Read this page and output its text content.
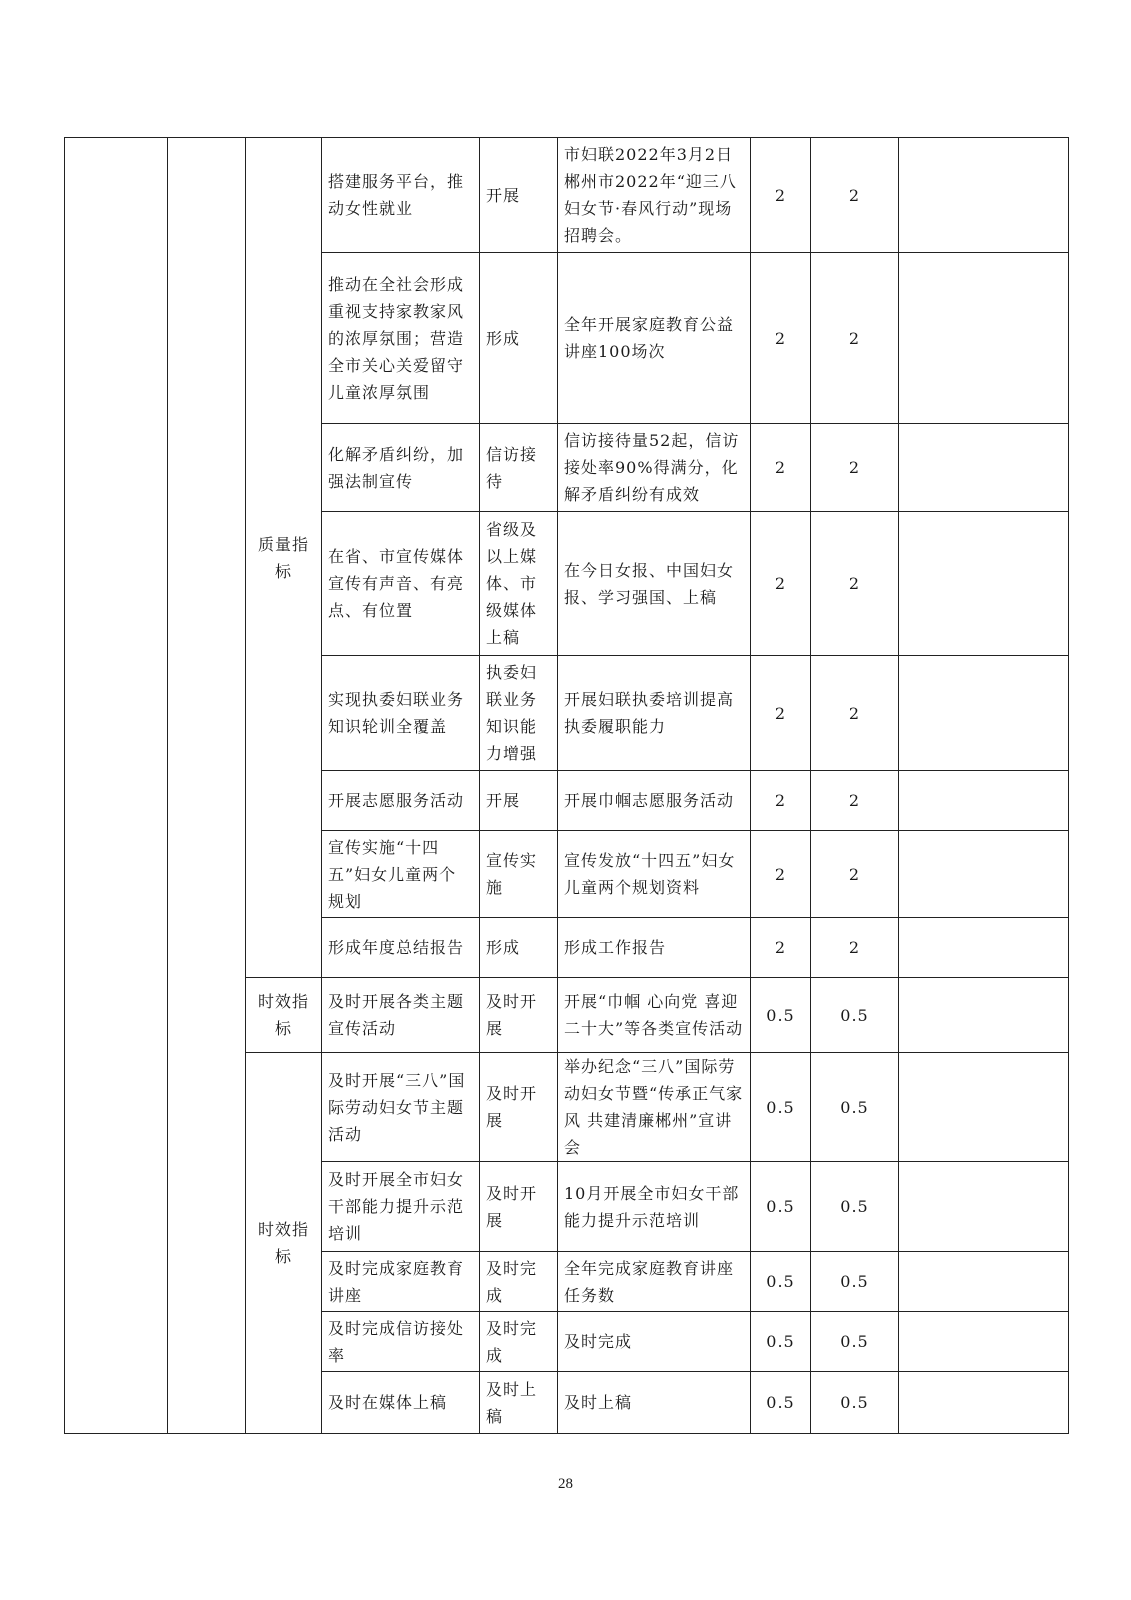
		质量指标	搭建服务平台，推动女性就业	开展	市妇联2022年3月2日郴州市2022年“迎三八妇女节·春风行动”现场招聘会。	2	2	
			推动在全社会形成重视支持家教家风的浓厚氛围；营造全市关心关爱留守儿童浓厚氛围	形成	全年开展家庭教育公益讲座100场次	2	2	
			化解矛盾纠纷，加强法制宣传	信访接待	信访接待量52起，信访接处率90%得满分，化解矛盾纠纷有成效	2	2	
			在省、市宣传媒体宣传有声音、有亮点、有位置	省级及以上媒体、市级媒体上稿	在今日女报、中国妇女报、学习强国、上稿	2	2	
			实现执委妇联业务知识轮训全覆盖	执委妇联业务知识能力增强	开展妇联执委培训提高执委履职能力	2	2	
			开展志愿服务活动	开展	开展巾帼志愿服务活动	2	2	
			宣传实施“十四五”妇女儿童两个规划	宣传实施	宣传发放“十四五”妇女儿童两个规划资料	2	2	
			形成年度总结报告	形成	形成工作报告	2	2	
		时效指标	及时开展各类主题宣传活动	及时开展	开展“巾帼 心向党 喜迎二十大”等各类宣传活动	0.5	0.5	
		时效指标	及时开展“三八”国际劳动妇女节主题活动	及时开展	举办纪念“三八”国际劳动妇女节暨“传承正气家风 共建清廉郴州”宣讲会	0.5	0.5	
			及时开展全市妇女干部能力提升示范培训	及时开展	10月开展全市妇女干部能力提升示范培训	0.5	0.5	
			及时完成家庭教育讲座	及时完成	全年完成家庭教育讲座任务数	0.5	0.5	
			及时完成信访接处率	及时完成	及时完成	0.5	0.5	
			及时在媒体上稿	及时上稿	及时上稿	0.5	0.5	
28
